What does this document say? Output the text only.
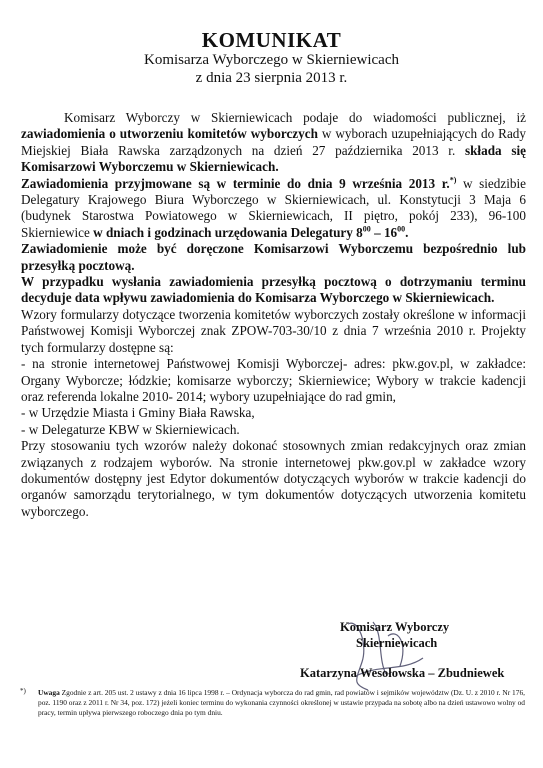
KOMUNIKAT
Komisarza Wyborczego w Skierniewicach
z dnia 23 sierpnia 2013 r.

Komisarz Wyborczy w Skierniewicach podaje do wiadomości publicznej, iż zawiadomienia o utworzeniu komitetów wyborczych w wyborach uzupełniających do Rady Miejskiej Biała Rawska zarządzonych na dzień 27 października 2013 r. składa się Komisarzowi Wyborczemu w Skierniewicach.

Zawiadomienia przyjmowane są w terminie do dnia 9 września 2013 r.*) w siedzibie Delegatury Krajowego Biura Wyborczego w Skierniewicach, ul. Konstytucji 3 Maja 6 (budynek Starostwa Powiatowego w Skierniewicach, II piętro, pokój 233), 96-100 Skierniewice w dniach i godzinach urzędowania Delegatury $8^{00} - 16^{00}$.

Zawiadomienie może być doręczone Komisarzowi Wyborczemu bezpośrednio lub przesyłką pocztową.

W przypadku wysłania zawiadomienia przesyłką pocztową o dotrzymaniu terminu decyduje data wpływu zawiadomienia do Komisarza Wyborczego w Skierniewicach.

Wzory formularzy dotyczące tworzenia komitetów wyborczych zostały określone w informacji Państwowej Komisji Wyborczej znak ZPOW-703-30/10 z dnia 7 września 2010 r. Projekty tych formularzy dostępne są:

- na stronie internetowej Państwowej Komisji Wyborczej- adres: pkw.gov.pl, w zakładce: Organy Wyborcze; łódzkie; komisarze wyborczy; Skierniewice; Wybory w trakcie kadencji oraz referenda lokalne 2010- 2014; wybory uzupełniające do rad gmin,

- w Urzędzie Miasta i Gminy Biała Rawska,

- w Delegaturze KBW w Skierniewicach.

Przy stosowaniu tych wzorów należy dokonać stosownych zmian redakcyjnych oraz zmian związanych z rodzajem wyborów. Na stronie internetowej pkw.gov.pl w zakładce wzory dokumentów dostępny jest Edytor dokumentów dotyczących wyborów w trakcie kadencji do organów samorządu terytorialnego, w tym dokumentów dotyczących utworzenia komitetu wyborczego.

Komisarz Wyborczy
Skierniewicach
Katarzyna Wesołowska – Zbudniewek
*)	Uwaga Zgodnie z art. 205 ust. 2 ustawy z dnia 16 lipca 1998 r. – Ordynacja wyborcza do rad gmin, rad powiatów i sejmików województw (Dz. U. z 2010 r. Nr 176, poz. 1190 oraz z 2011 r. Nr 34, poz. 172) jeżeli koniec terminu do wykonania czynności określonej w ustawie przypada na sobotę albo na dzień ustawowo wolny od pracy, termin upływa pierwszego roboczego dnia po tym dniu.
